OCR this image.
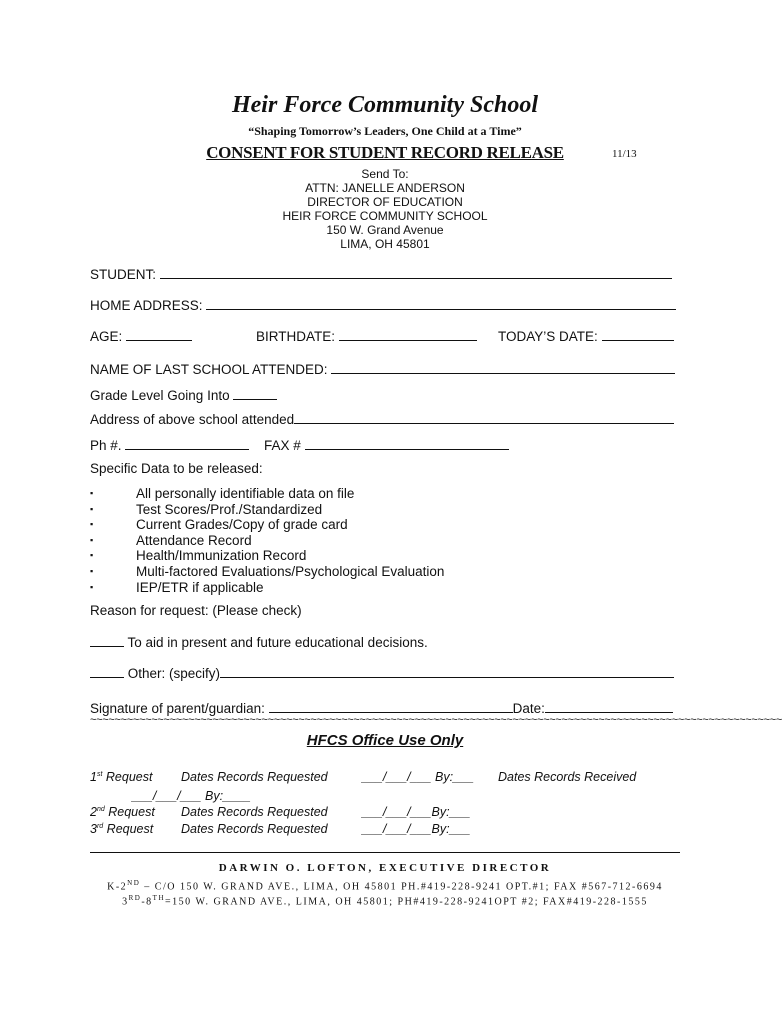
Heir Force Community School
“Shaping Tomorrow’s Leaders, One Child at a Time”
CONSENT FOR STUDENT RECORD RELEASE	11/13
Send To:
ATTN: JANELLE ANDERSON
DIRECTOR OF EDUCATION
HEIR FORCE COMMUNITY SCHOOL
150 W. Grand Avenue
LIMA, OH 45801
STUDENT:
HOME ADDRESS:
AGE:	BIRTHDATE:	TODAY’S DATE:
NAME OF LAST SCHOOL ATTENDED:
Grade Level Going Into
Address of above school attended
Ph #.	FAX #
Specific Data to be released:
▪	All personally identifiable data on file
▪	Test Scores/Prof./Standardized
▪	Current Grades/Copy of grade card
▪	Attendance Record
▪	Health/Immunization Record
▪	Multi-factored Evaluations/Psychological Evaluation
▪	IEP/ETR if applicable
Reason for request: (Please check)
To aid in present and future educational decisions.
Other: (specify)
Signature of parent/guardian:	Date:
~~~~~~~~~~~~~~~~~~~~~~~~~~~~~~~~~~~~~~~~~~~~~~~~~~~~~~~~~~~~~~~~~~~~~~~~~~~~~~~~~~~~~~~~~~~~~~~~~~~~~~~~~~~~~~~~~
HFCS Office Use Only
1st Request Dates Records Requested	___/___/___ By:___ Dates Records Received
___/___/___ By:____
2nd Request Dates Records Requested	___/___/___By:___
3rd Request Dates Records Requested	___/___/___By:___
DARWIN O. LOFTON, EXECUTIVE DIRECTOR
K-2ND – C/O 150 W. GRAND AVE., LIMA, OH 45801 PH.#419-228-9241 OPT.#1; FAX #567-712-6694
3RD-8TH=150 W. GRAND AVE., LIMA, OH 45801; PH#419-228-9241OPT #2; FAX#419-228-1555
